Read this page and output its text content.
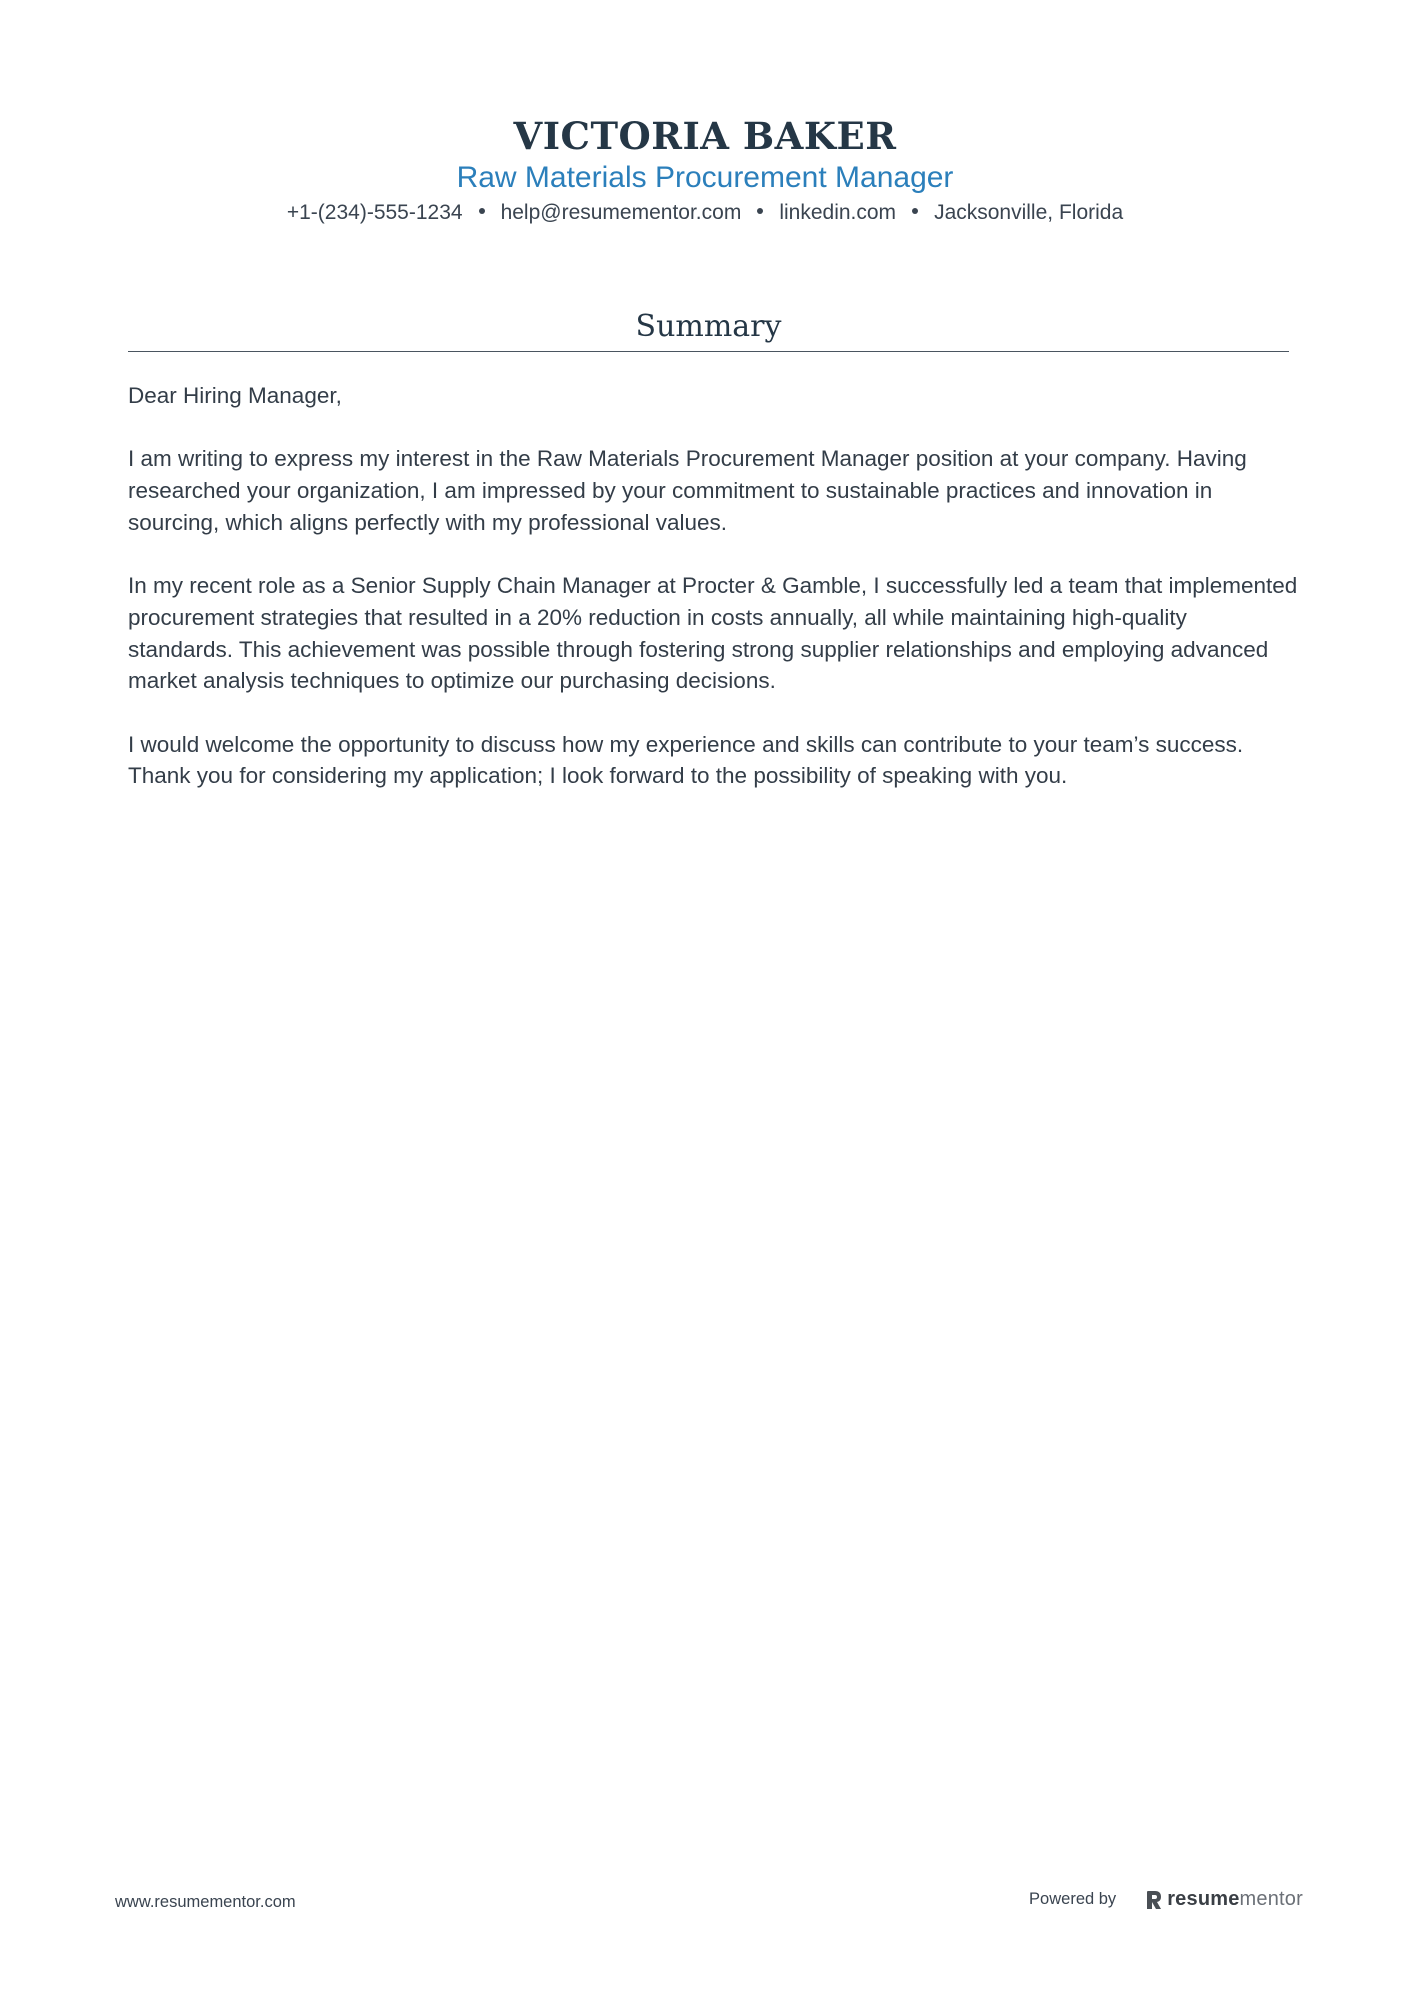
VICTORIA BAKER
Raw Materials Procurement Manager
+1-(234)-555-1234 help@resumementor.com linkedin.com Jacksonville, Florida
Summary

Dear Hiring Manager,

I am writing to express my interest in the Raw Materials Procurement Manager position at your company. Having researched your organization, I am impressed by your commitment to sustainable practices and innovation in sourcing, which aligns perfectly with my professional values.

In my recent role as a Senior Supply Chain Manager at Procter & Gamble, I successfully led a team that implemented procurement strategies that resulted in a 20% reduction in costs annually, all while maintaining high-quality standards. This achievement was possible through fostering strong supplier relationships and employing advanced market analysis techniques to optimize our purchasing decisions.

I would welcome the opportunity to discuss how my experience and skills can contribute to your team’s success. Thank you for considering my application; I look forward to the possibility of speaking with you.

www.resumementor.com	Powered by	resumementor
